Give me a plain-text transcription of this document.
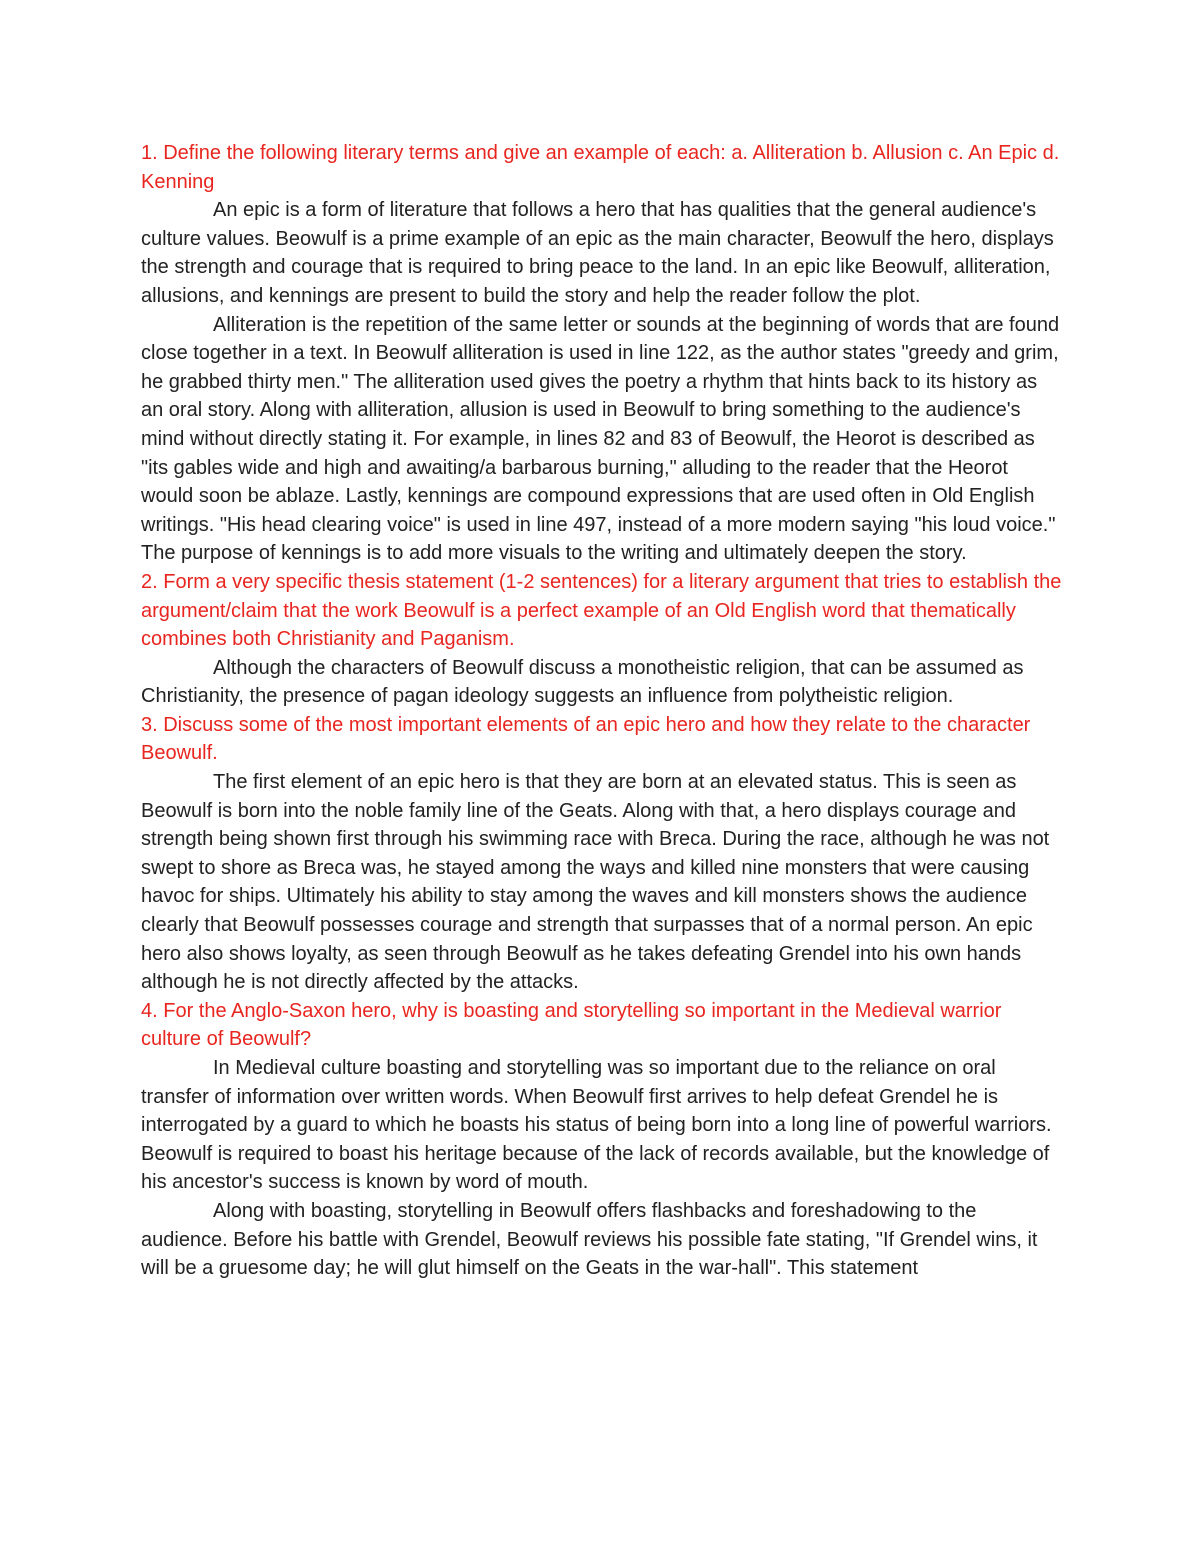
1. Define the following literary terms and give an example of each: a. Alliteration b. Allusion c. An Epic d. Kenning

An epic is a form of literature that follows a hero that has qualities that the general audience's culture values. Beowulf is a prime example of an epic as the main character, Beowulf the hero, displays the strength and courage that is required to bring peace to the land. In an epic like Beowulf, alliteration, allusions, and kennings are present to build the story and help the reader follow the plot.

Alliteration is the repetition of the same letter or sounds at the beginning of words that are found close together in a text. In Beowulf alliteration is used in line 122, as the author states "greedy and grim, he grabbed thirty men." The alliteration used gives the poetry a rhythm that hints back to its history as an oral story. Along with alliteration, allusion is used in Beowulf to bring something to the audience's mind without directly stating it. For example, in lines 82 and 83 of Beowulf, the Heorot is described as "its gables wide and high and awaiting/a barbarous burning," alluding to the reader that the Heorot would soon be ablaze. Lastly, kennings are compound expressions that are used often in Old English writings. "His head clearing voice" is used in line 497, instead of a more modern saying "his loud voice." The purpose of kennings is to add more visuals to the writing and ultimately deepen the story.

2. Form a very specific thesis statement (1-2 sentences) for a literary argument that tries to establish the argument/claim that the work Beowulf is a perfect example of an Old English word that thematically combines both Christianity and Paganism.

Although the characters of Beowulf discuss a monotheistic religion, that can be assumed as Christianity, the presence of pagan ideology suggests an influence from polytheistic religion.

3. Discuss some of the most important elements of an epic hero and how they relate to the character Beowulf.

The first element of an epic hero is that they are born at an elevated status. This is seen as Beowulf is born into the noble family line of the Geats. Along with that, a hero displays courage and strength being shown first through his swimming race with Breca. During the race, although he was not swept to shore as Breca was, he stayed among the ways and killed nine monsters that were causing havoc for ships. Ultimately his ability to stay among the waves and kill monsters shows the audience clearly that Beowulf possesses courage and strength that surpasses that of a normal person. An epic hero also shows loyalty, as seen through Beowulf as he takes defeating Grendel into his own hands although he is not directly affected by the attacks.

4. For the Anglo-Saxon hero, why is boasting and storytelling so important in the Medieval warrior culture of Beowulf?

In Medieval culture boasting and storytelling was so important due to the reliance on oral transfer of information over written words. When Beowulf first arrives to help defeat Grendel he is interrogated by a guard to which he boasts his status of being born into a long line of powerful warriors. Beowulf is required to boast his heritage because of the lack of records available, but the knowledge of his ancestor's success is known by word of mouth.

Along with boasting, storytelling in Beowulf offers flashbacks and foreshadowing to the audience. Before his battle with Grendel, Beowulf reviews his possible fate stating, "If Grendel wins, it will be a gruesome day; he will glut himself on the Geats in the war-hall". This statement
